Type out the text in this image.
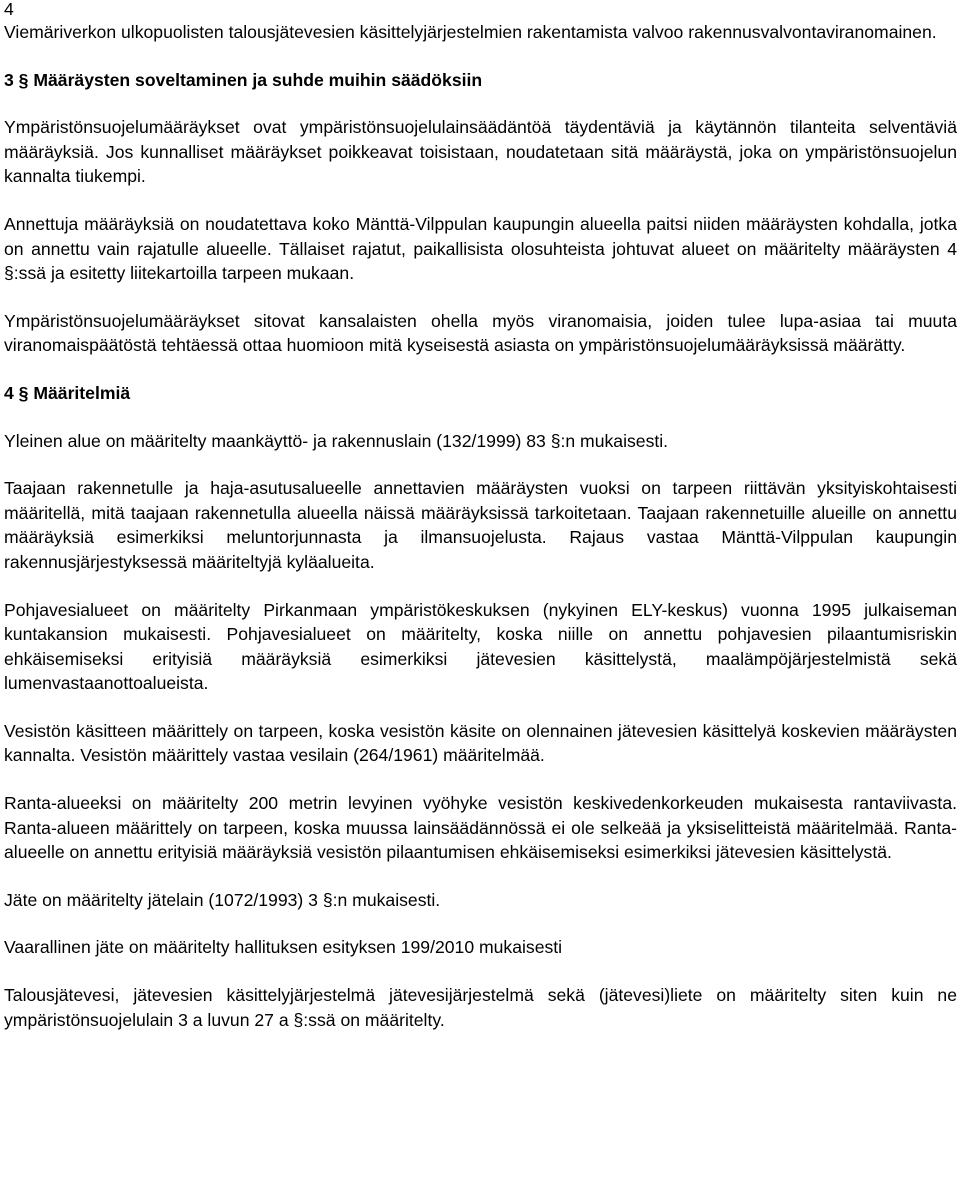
4

Viemäriverkon ulkopuolisten talousjätevesien käsittelyjärjestelmien rakentamista valvoo rakennusvalvontaviranomainen.

3 § Määräysten soveltaminen ja suhde muihin säädöksiin

Ympäristönsuojelumääräykset ovat ympäristönsuojelulainsäädäntöä täydentäviä ja käytännön tilanteita selventäviä määräyksiä. Jos kunnalliset määräykset poikkeavat toisistaan, noudatetaan sitä määräystä, joka on ympäristönsuojelun kannalta tiukempi.

Annettuja määräyksiä on noudatettava koko Mänttä-Vilppulan kaupungin alueella paitsi niiden määräysten kohdalla, jotka on annettu vain rajatulle alueelle. Tällaiset rajatut, paikallisista olosuhteista johtuvat alueet on määritelty määräysten 4 §:ssä ja esitetty liitekartoilla tarpeen mukaan.

Ympäristönsuojelumääräykset sitovat kansalaisten ohella myös viranomaisia, joiden tulee lupa-asiaa tai muuta viranomaispäätöstä tehtäessä ottaa huomioon mitä kyseisestä asiasta on ympäristönsuojelumääräyksissä määrätty.

4 § Määritelmiä

Yleinen alue on määritelty maankäyttö- ja rakennuslain (132/1999) 83 §:n mukaisesti.

Taajaan rakennetulle ja haja-asutusalueelle annettavien määräysten vuoksi on tarpeen riittävän yksityiskohtaisesti määritellä, mitä taajaan rakennetulla alueella näissä määräyksissä tarkoitetaan. Taajaan rakennetuille alueille on annettu määräyksiä esimerkiksi meluntorjunnasta ja ilmansuojelusta. Rajaus vastaa Mänttä-Vilppulan kaupungin rakennusjärjestyksessä määriteltyjä kyläalueita.

Pohjavesialueet on määritelty Pirkanmaan ympäristökeskuksen (nykyinen ELY-keskus) vuonna 1995 julkaiseman kuntakansion mukaisesti. Pohjavesialueet on määritelty, koska niille on annettu pohjavesien pilaantumisriskin ehkäisemiseksi erityisiä määräyksiä esimerkiksi jätevesien käsittelystä, maalämpöjärjestelmistä sekä lumenvastaanottoalueista.

Vesistön käsitteen määrittely on tarpeen, koska vesistön käsite on olennainen jätevesien käsittelyä koskevien määräysten kannalta. Vesistön määrittely vastaa vesilain (264/1961) määritelmää.

Ranta-alueeksi on määritelty 200 metrin levyinen vyöhyke vesistön keskivedenkorkeuden mukaisesta rantaviivasta. Ranta-alueen määrittely on tarpeen, koska muussa lainsäädännössä ei ole selkeää ja yksiselitteistä määritelmää. Ranta-alueelle on annettu erityisiä määräyksiä vesistön pilaantumisen ehkäisemiseksi esimerkiksi jätevesien käsittelystä.

Jäte on määritelty jätelain (1072/1993) 3 §:n mukaisesti.

Vaarallinen jäte on määritelty hallituksen esityksen 199/2010 mukaisesti

Talousjätevesi, jätevesien käsittelyjärjestelmä jätevesijärjestelmä sekä (jätevesi)liete on määritelty siten kuin ne ympäristönsuojelulain 3 a luvun 27 a §:ssä on määritelty.
